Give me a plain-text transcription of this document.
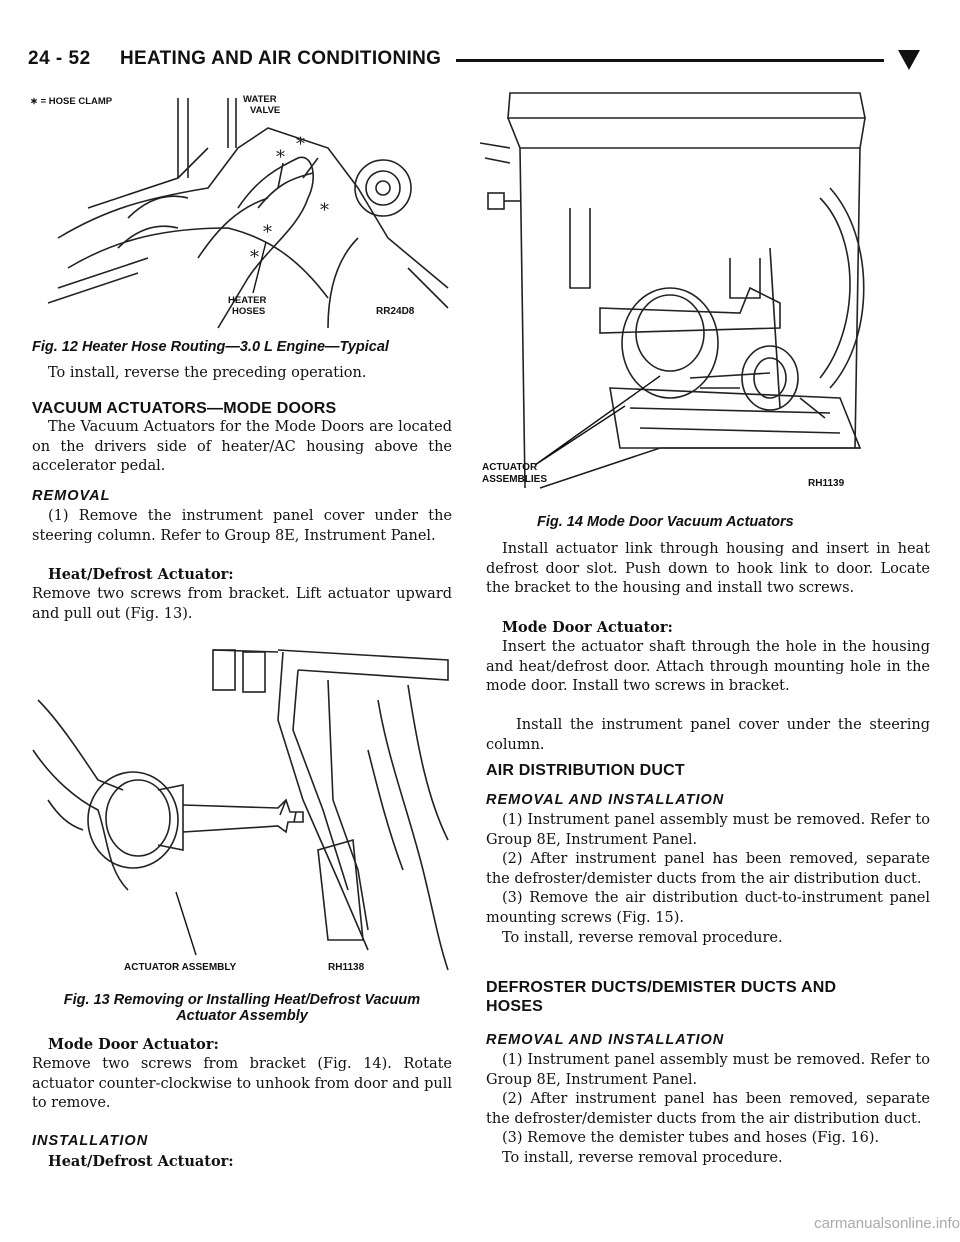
24 - 52 HEATING AND AIR CONDITIONING
*
*
*
*
*
∗ = HOSE CLAMP	WATER
VALVE
HEATER
HOSES	RR24D8
Fig. 12 Heater Hose Routing—3.0 L Engine—Typical
To install, reverse the preceding operation.
VACUUM ACTUATORS—MODE DOORS
The Vacuum Actuators for the Mode Doors are located on the drivers side of heater/AC housing above the accelerator pedal.
REMOVAL
(1) Remove the instrument panel cover under the steering column. Refer to Group 8E, Instrument Panel.
Heat/Defrost Actuator:
Remove two screws from bracket. Lift actuator upward and pull out (Fig. 13).
ACTUATOR ASSEMBLY	RH1138
Fig. 13 Removing or Installing Heat/Defrost Vacuum
Actuator Assembly
Mode Door Actuator:
Remove two screws from bracket (Fig. 14). Rotate actuator counter-clockwise to unhook from door and pull to remove.
INSTALLATION
Heat/Defrost Actuator:
ACTUATOR
ASSEMBLIES	RH1139
Fig. 14 Mode Door Vacuum Actuators
Install actuator link through housing and insert in heat defrost door slot. Push down to hook link to door. Locate the bracket to the housing and install two screws.
Mode Door Actuator:
Insert the actuator shaft through the hole in the housing and heat/defrost door. Attach through mounting hole in the mode door. Install two screws in bracket.
Install the instrument panel cover under the steering column.
AIR DISTRIBUTION DUCT
REMOVAL AND INSTALLATION
(1) Instrument panel assembly must be removed. Refer to Group 8E, Instrument Panel.
(2) After instrument panel has been removed, separate the defroster/demister ducts from the air distribution duct.
(3) Remove the air distribution duct-to-instrument panel mounting screws (Fig. 15).
To install, reverse removal procedure.
DEFROSTER DUCTS/DEMISTER DUCTS AND
HOSES
REMOVAL AND INSTALLATION
(1) Instrument panel assembly must be removed. Refer to Group 8E, Instrument Panel.
(2) After instrument panel has been removed, separate the defroster/demister ducts from the air distribution duct.
(3) Remove the demister tubes and hoses (Fig. 16).
To install, reverse removal procedure.
carmanualsonline.info
